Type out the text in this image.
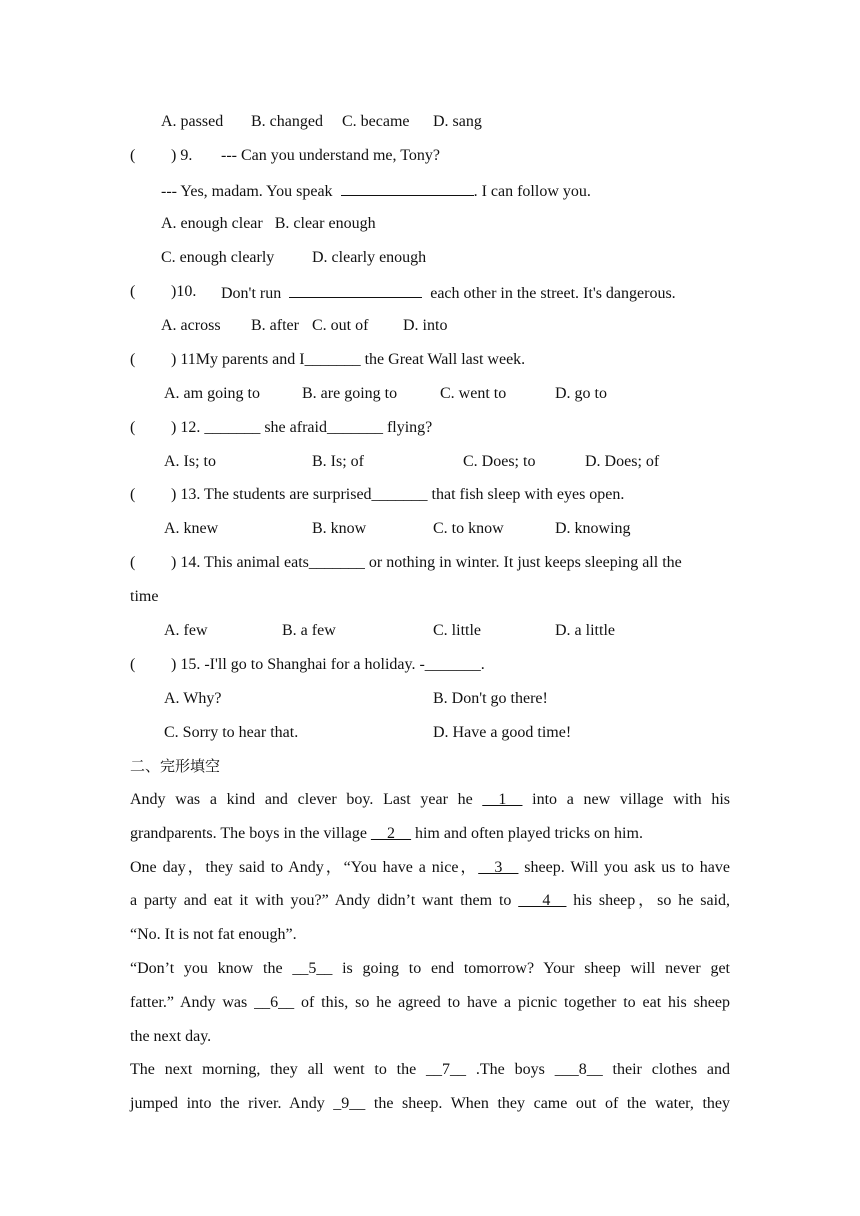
A. passed B. changed C. became D. sang
( ) 9. --- Can you understand me, Tony?
--- Yes, madam. You speak	. I can follow you.
A. enough clear   B. clear enough
C. enough clearly D. clearly enough
( )10. Don't run	each other in the street. It's dangerous.
A. across B. after C. out of D. into
( ) 11My parents and I_______ the Great Wall last week.
A. am going to	B. are going to	C. went to	D. go to
( ) 12. _______ she afraid_______ flying?
A. Is; to	B. Is; of	C. Does; to	D. Does; of
( ) 13. The students are surprised_______ that fish sleep with eyes open.
A. knew	B. know	C. to know	D. knowing
( ) 14. This animal eats_______ or nothing in winter. It just keeps sleeping all the
time
A. few	B. a few	C. little	D. a little
( ) 15. -I'll go to Shanghai for a holiday. -_______.
A. Why?	B. Don't go there!
C. Sorry to hear that.	D. Have a good time!
二、完形填空
Andy was a kind and clever boy. Last year he __1__ into a new village with his
grandparents. The boys in the village __2__ him and often played tricks on him.
One day，they said to Andy，“You have a nice，__3__ sheep. Will you ask us to have
a party and eat it with you?” Andy didn’t want them to ___4__ his sheep，so he said,
“No. It is not fat enough”.
“Don’t you know the __5__ is going to end tomorrow? Your sheep will never get
fatter.” Andy was __6__ of this, so he agreed to have a picnic together to eat his sheep
the next day.
The next morning, they all went to the __7__ .The boys ___8__ their clothes and
jumped into the river. Andy _9__ the sheep. When they came out of the water, they
